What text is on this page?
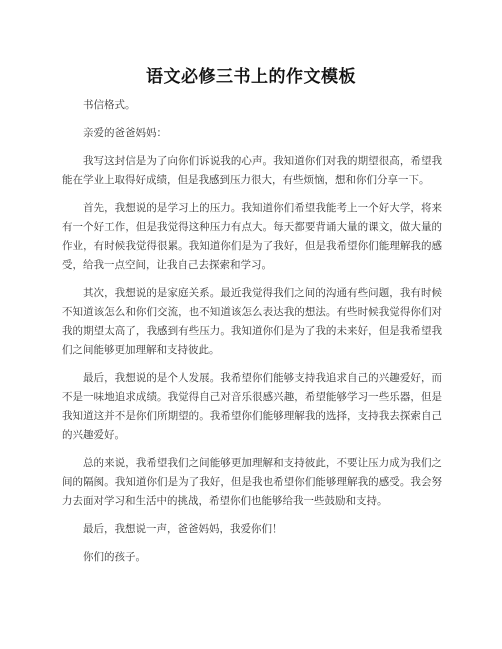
语文必修三书上的作文模板

书信格式。

亲爱的爸爸妈妈：

我写这封信是为了向你们诉说我的心声。我知道你们对我的期望很高，希望我能在学业上取得好成绩，但是我感到压力很大，有些烦恼，想和你们分享一下。

首先，我想说的是学习上的压力。我知道你们希望我能考上一个好大学，将来有一个好工作，但是我觉得这种压力有点大。每天都要背诵大量的课文，做大量的作业，有时候我觉得很累。我知道你们是为了我好，但是我希望你们能理解我的感受，给我一点空间，让我自己去探索和学习。

其次，我想说的是家庭关系。最近我觉得我们之间的沟通有些问题，我有时候不知道该怎么和你们交流，也不知道该怎么表达我的想法。有些时候我觉得你们对我的期望太高了，我感到有些压力。我知道你们是为了我的未来好，但是我希望我们之间能够更加理解和支持彼此。

最后，我想说的是个人发展。我希望你们能够支持我追求自己的兴趣爱好，而不是一味地追求成绩。我觉得自己对音乐很感兴趣，希望能够学习一些乐器，但是我知道这并不是你们所期望的。我希望你们能够理解我的选择，支持我去探索自己的兴趣爱好。

总的来说，我希望我们之间能够更加理解和支持彼此，不要让压力成为我们之间的隔阂。我知道你们是为了我好，但是我也希望你们能够理解我的感受。我会努力去面对学习和生活中的挑战，希望你们也能够给我一些鼓励和支持。

最后，我想说一声，爸爸妈妈，我爱你们！

你们的孩子。
